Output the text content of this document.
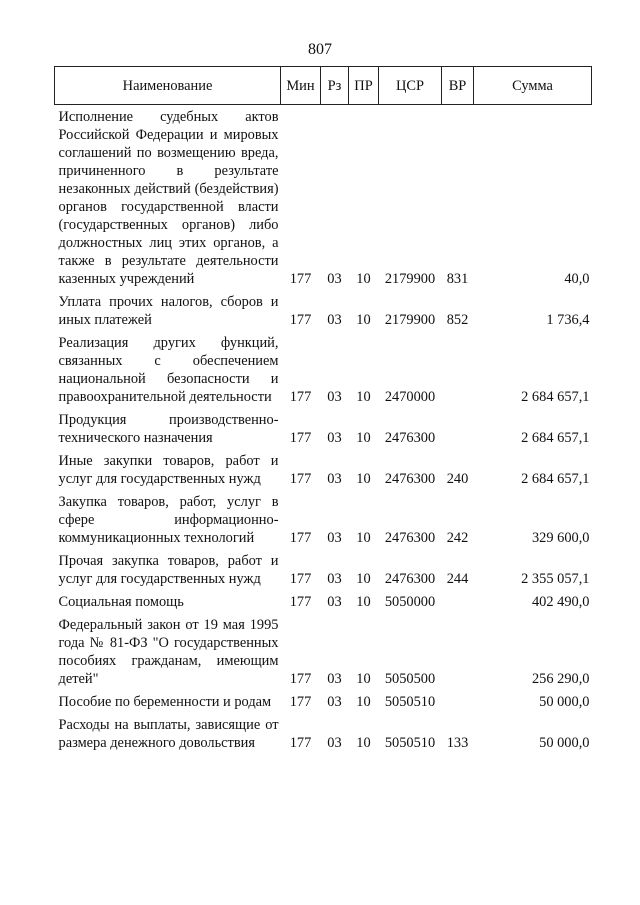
807
Наименование	Мин	Рз	ПР	ЦСР	ВР	Сумма
Исполнение судебных актов Российской Федерации и мировых соглашений по возмещению вреда, причиненного в результате незаконных действий (бездействия) органов государственной власти (государственных органов) либо должностных лиц этих органов, а также в результате деятельности казенных учреждений	177	03	10	2179900	831	40,0
Уплата прочих налогов, сборов и иных платежей	177	03	10	2179900	852	1 736,4
Реализация других функций, связанных с обеспечением национальной безопасности и правоохранительной деятельности	177	03	10	2470000		2 684 657,1
Продукция производственно-технического назначения	177	03	10	2476300		2 684 657,1
Иные закупки товаров, работ и услуг для государственных нужд	177	03	10	2476300	240	2 684 657,1
Закупка товаров, работ, услуг в сфере информационно-коммуникационных технологий	177	03	10	2476300	242	329 600,0
Прочая закупка товаров, работ и услуг для государственных нужд	177	03	10	2476300	244	2 355 057,1
Социальная помощь	177	03	10	5050000		402 490,0
Федеральный закон от 19 мая 1995 года № 81-ФЗ "О государственных пособиях гражданам, имеющим детей"	177	03	10	5050500		256 290,0
Пособие по беременности и родам	177	03	10	5050510		50 000,0
Расходы на выплаты, зависящие от размера денежного довольствия	177	03	10	5050510	133	50 000,0
